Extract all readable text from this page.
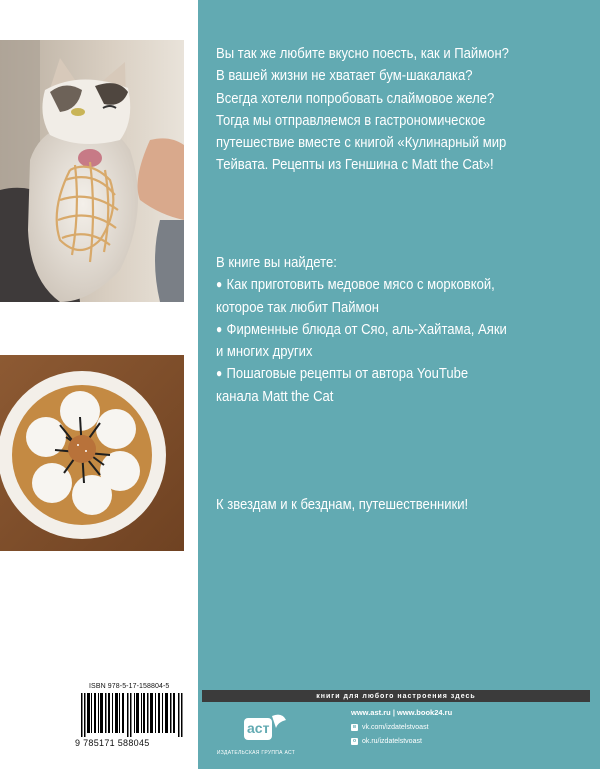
ISBN 978-5-17-158804-5
9 785171 588045
Вы так же любите вкусно поесть, как и Паймон?
В вашей жизни не хватает бум-шакалака?
Всегда хотели попробовать слаймовое желе?
Тогда мы отправляемся в гастрономическое
путешествие вместе с книгой «Кулинарный мир
Тейвата. Рецепты из Геншина с Matt the Cat»!
В книге вы найдете:
● Как приготовить медовое мясо с морковкой,
которое так любит Паймон
● Фирменные блюда от Сяо, аль-Хайтама, Аяки
и многих других
● Пошаговые рецепты от автора YouTube
канала Matt the Cat
К звездам и к безднам, путешественники!
книги для любого настроения здесь
аст
ИЗДАТЕЛЬСКАЯ ГРУППА АСТ
www.ast.ru | www.book24.ru
в vk.com/izdatelstvoast
o ok.ru/izdatelstvoast
